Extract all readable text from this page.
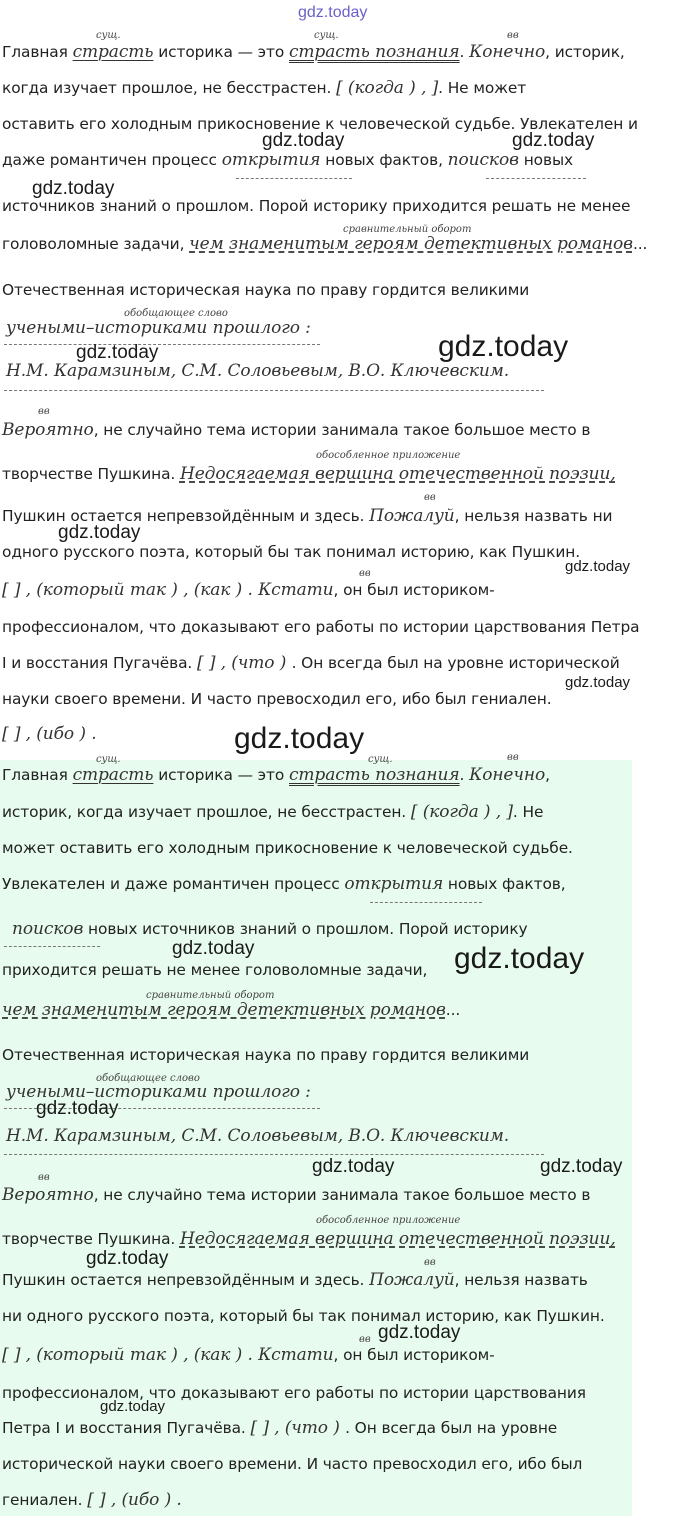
gdz.today
сущ.	сущ.	вв
Главная страсть историка — это страсть познания. Конечно, историк,
когда изучает прошлое, не бесстрастен. [ (когда ) , ]. Не может
оставить его холодным прикосновение к человеческой судьбе. Увлекателен и
gdz.today	gdz.today
даже романтичен процесс открытия новых фактов, поисков новых
gdz.today
источников знаний о прошлом. Порой историку приходится решать не менее
сравнительный оборот
головоломные задачи, чем знаменитым героям детективных романов...
Отечественная историческая наука по праву гордится великими
обобщающее слово
учеными–историками прошлого :
gdz.today	gdz.today
Н.М. Карамзиным, С.М. Соловьевым, В.О. Ключевским.
вв
Вероятно, не случайно тема истории занимала такое большое место в
обособленное приложение
творчестве Пушкина. Недосягаемая вершина отечественной поэзии,
вв
Пушкин остается непревзойдённым и здесь. Пожалуй, нельзя назвать ни
gdz.today
одного русского поэта, который бы так понимал историю, как Пушкин.
gdz.today
вв
[ ] , (который так ) , (как ) . Кстати, он был историком-
профессионалом, что доказывают его работы по истории царствования Петра
I и восстания Пугачёва. [ ] , (что ) . Он всегда был на уровне исторической
gdz.today
науки своего времени. И часто превосходил его, ибо был гениален.
[ ] , (ибо ) .	gdz.today
сущ.	сущ.	вв
Главная страсть историка — это страсть познания. Конечно,
историк, когда изучает прошлое, не бесстрастен. [ (когда ) , ]. Не
может оставить его холодным прикосновение к человеческой судьбе.
Увлекателен и даже романтичен процесс открытия новых фактов,
поисков новых источников знаний о прошлом. Порой историку
gdz.today
приходится решать не менее головоломные задачи, gdz.today
сравнительный оборот
чем знаменитым героям детективных романов...
Отечественная историческая наука по праву гордится великими
обобщающее слово
учеными–историками прошлого :
gdz.today
Н.М. Карамзиным, С.М. Соловьевым, В.О. Ключевским.
gdz.today	gdz.today
вв
Вероятно, не случайно тема истории занимала такое большое место в
обособленное приложение
творчестве Пушкина. Недосягаемая вершина отечественной поэзии,
gdz.today	вв
Пушкин остается непревзойдённым и здесь. Пожалуй, нельзя назвать
ни одного русского поэта, который бы так понимал историю, как Пушкин.
gdz.today
вв
[ ] , (который так ) , (как ) . Кстати, он был историком-
профессионалом, что доказывают его работы по истории царствования
gdz.today
Петра I и восстания Пугачёва. [ ] , (что ) . Он всегда был на уровне
исторической науки своего времени. И часто превосходил его, ибо был
гениален. [ ] , (ибо ) .
